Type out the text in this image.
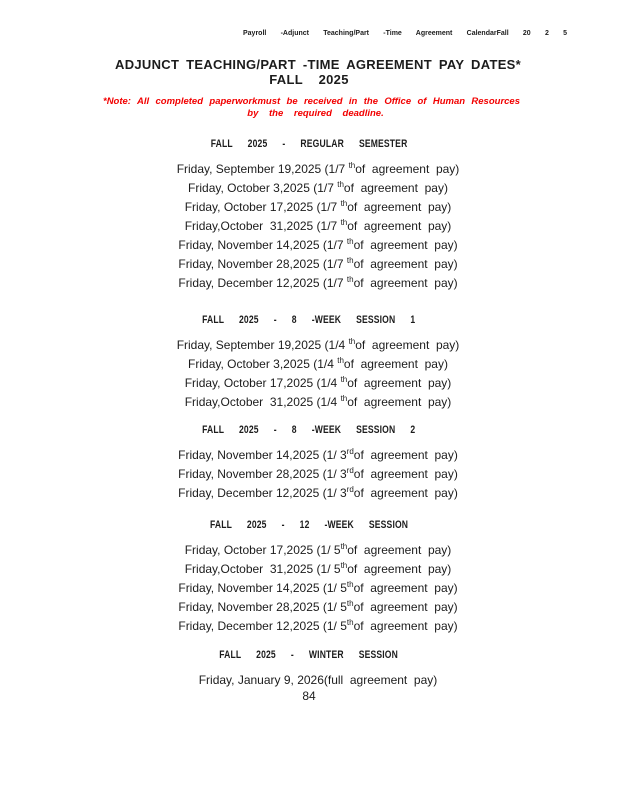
Payroll -Adjunct Teaching/Part -Time Agreement CalendarFall 20 2 5
ADJUNCT TEACHING/PART -TIME AGREEMENT PAY DATES*
FALL 2025
*Note: All completed paperworkmust be received in the Office of Human Resources
by the required deadline.
FALL 2025 - REGULAR SEMESTER
Friday, September 19,2025 (1/7 $^{th}$of  agreement  pay)
Friday, October 3,2025 (1/7 $^{th}$of  agreement  pay)
Friday, October 17,2025 (1/7 $^{th}$of  agreement  pay)
Friday,October  31,2025 (1/7 $^{th}$of  agreement  pay)
Friday, November 14,2025 (1/7 $^{th}$of  agreement  pay)
Friday, November 28,2025 (1/7 $^{th}$of  agreement  pay)
Friday, December 12,2025 (1/7 $^{th}$of  agreement  pay)
FALL 2025 - 8 -WEEK SESSION 1
Friday, September 19,2025 (1/4 $^{th}$of  agreement  pay)
Friday, October 3,2025 (1/4 $^{th}$of  agreement  pay)
Friday, October 17,2025 (1/4 $^{th}$of  agreement  pay)
Friday,October  31,2025 (1/4 $^{th}$of  agreement  pay)
FALL 2025 - 8 -WEEK SESSION 2
Friday, November 14,2025 (1/ 3rdof  agreement  pay)
Friday, November 28,2025 (1/ 3rdof  agreement  pay)
Friday, December 12,2025 (1/ 3rdof  agreement  pay)
FALL 2025 - 12 -WEEK SESSION
Friday, October 17,2025 (1/ 5thof  agreement  pay)
Friday,October  31,2025 (1/ 5thof  agreement  pay)
Friday, November 14,2025 (1/ 5thof  agreement  pay)
Friday, November 28,2025 (1/ 5thof  agreement  pay)
Friday, December 12,2025 (1/ 5thof  agreement  pay)
FALL 2025 - WINTER SESSION
Friday, January 9, 2026(full  agreement  pay)
84
